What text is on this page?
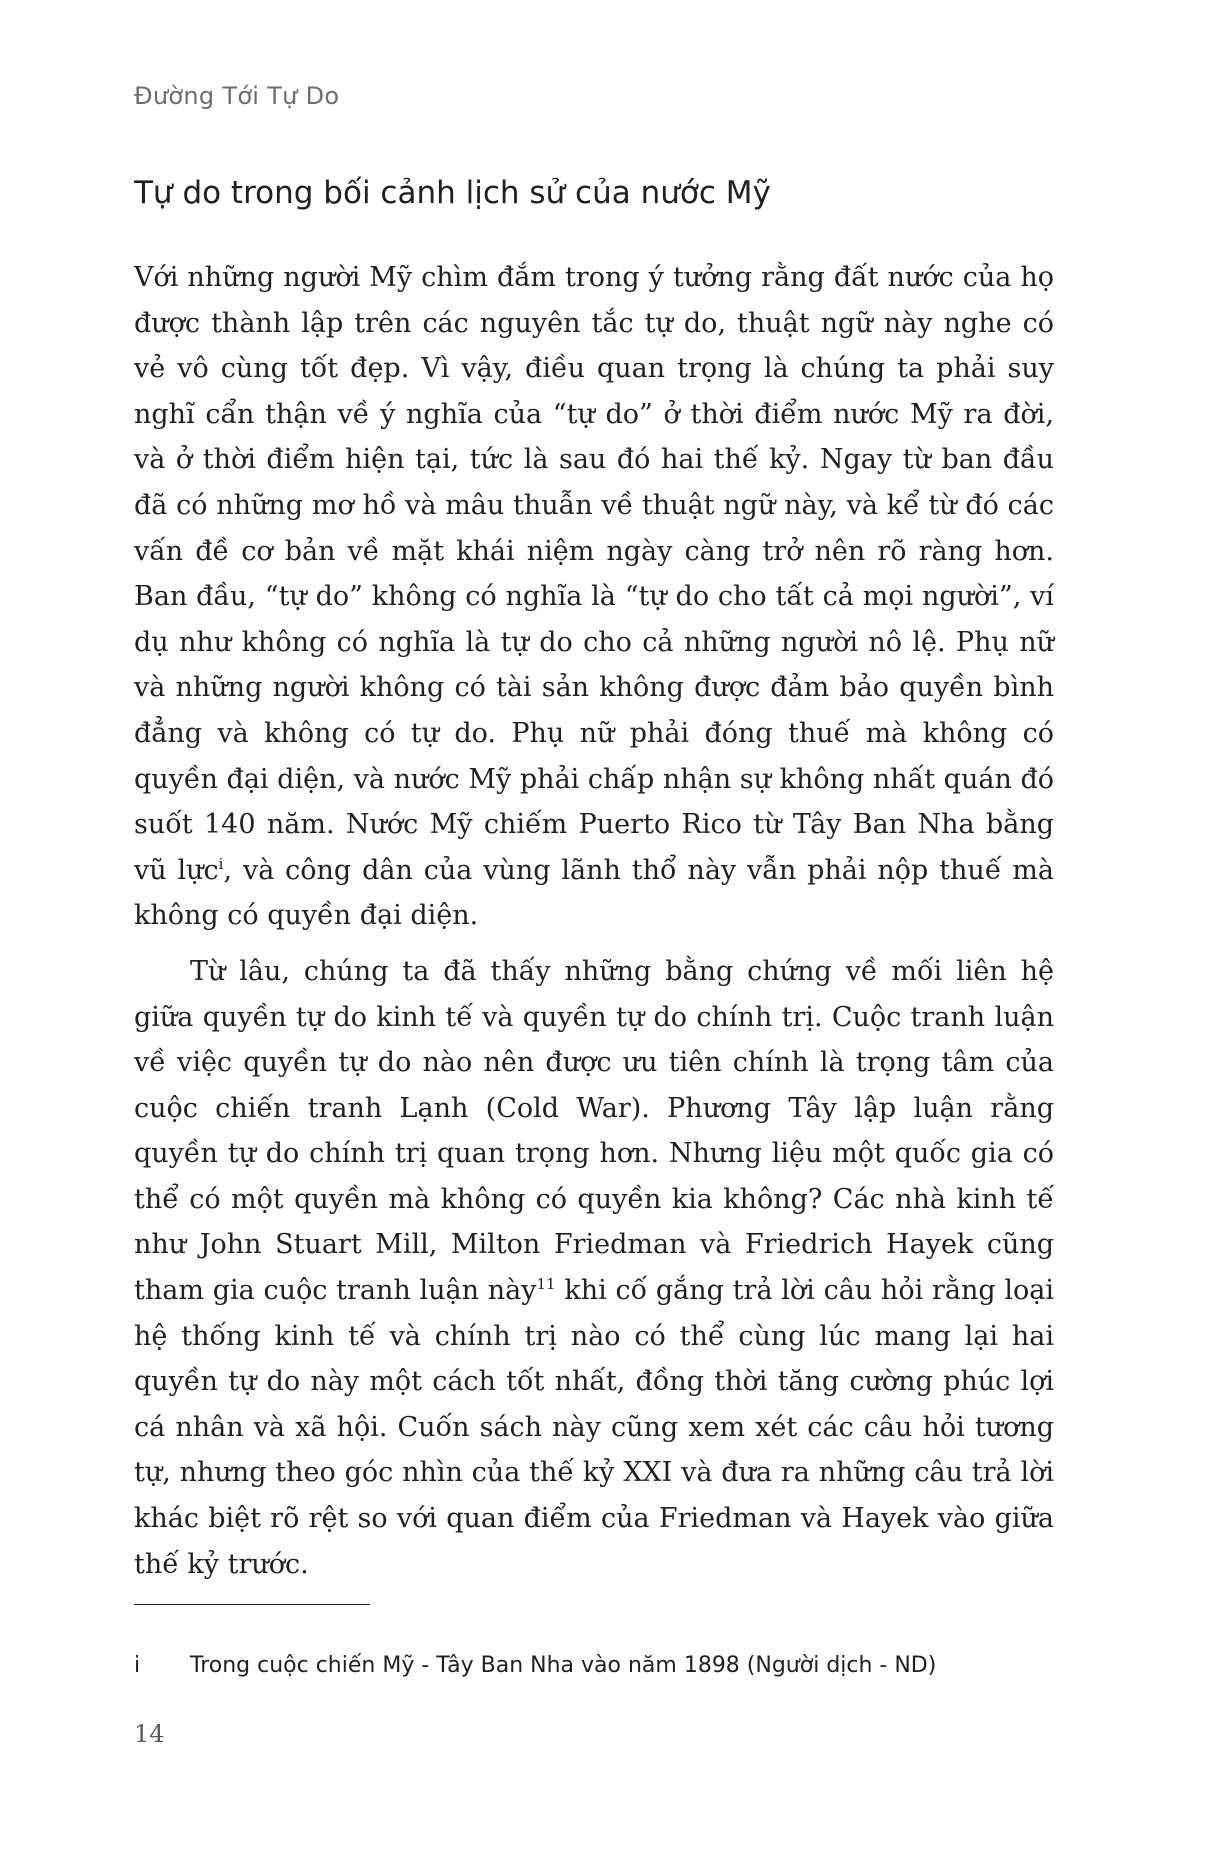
Đường Tới Tự Do
Tự do trong bối cảnh lịch sử của nước Mỹ

Với những người Mỹ chìm đắm trong ý tưởng rằng đất nước của họ được thành lập trên các nguyên tắc tự do, thuật ngữ này nghe có vẻ vô cùng tốt đẹp. Vì vậy, điều quan trọng là chúng ta phải suy nghĩ cẩn thận về ý nghĩa của “tự do” ở thời điểm nước Mỹ ra đời, và ở thời điểm hiện tại, tức là sau đó hai thế kỷ. Ngay từ ban đầu đã có những mơ hồ và mâu thuẫn về thuật ngữ này, và kể từ đó các vấn đề cơ bản về mặt khái niệm ngày càng trở nên rõ ràng hơn. Ban đầu, “tự do” không có nghĩa là “tự do cho tất cả mọi người”, ví dụ như không có nghĩa là tự do cho cả những người nô lệ. Phụ nữ và những người không có tài sản không được đảm bảo quyền bình đẳng và không có tự do. Phụ nữ phải đóng thuế mà không có quyền đại diện, và nước Mỹ phải chấp nhận sự không nhất quán đó suốt 140 năm. Nước Mỹ chiếm Puerto Rico từ Tây Ban Nha bằng vũ lực$^i$, và công dân của vùng lãnh thổ này vẫn phải nộp thuế mà không có quyền đại diện.

Từ lâu, chúng ta đã thấy những bằng chứng về mối liên hệ giữa quyền tự do kinh tế và quyền tự do chính trị. Cuộc tranh luận về việc quyền tự do nào nên được ưu tiên chính là trọng tâm của cuộc chiến tranh Lạnh (Cold War). Phương Tây lập luận rằng quyền tự do chính trị quan trọng hơn. Nhưng liệu một quốc gia có thể có một quyền mà không có quyền kia không? Các nhà kinh tế như John Stuart Mill, Milton Friedman và Friedrich Hayek cũng tham gia cuộc tranh luận này$^{11}$ khi cố gắng trả lời câu hỏi rằng loại hệ thống kinh tế và chính trị nào có thể cùng lúc mang lại hai quyền tự do này một cách tốt nhất, đồng thời tăng cường phúc lợi cá nhân và xã hội. Cuốn sách này cũng xem xét các câu hỏi tương tự, nhưng theo góc nhìn của thế kỷ XXI và đưa ra những câu trả lời khác biệt rõ rệt so với quan điểm của Friedman và Hayek vào giữa thế kỷ trước.

i Trong cuộc chiến Mỹ - Tây Ban Nha vào năm 1898 (Người dịch - ND)
14
